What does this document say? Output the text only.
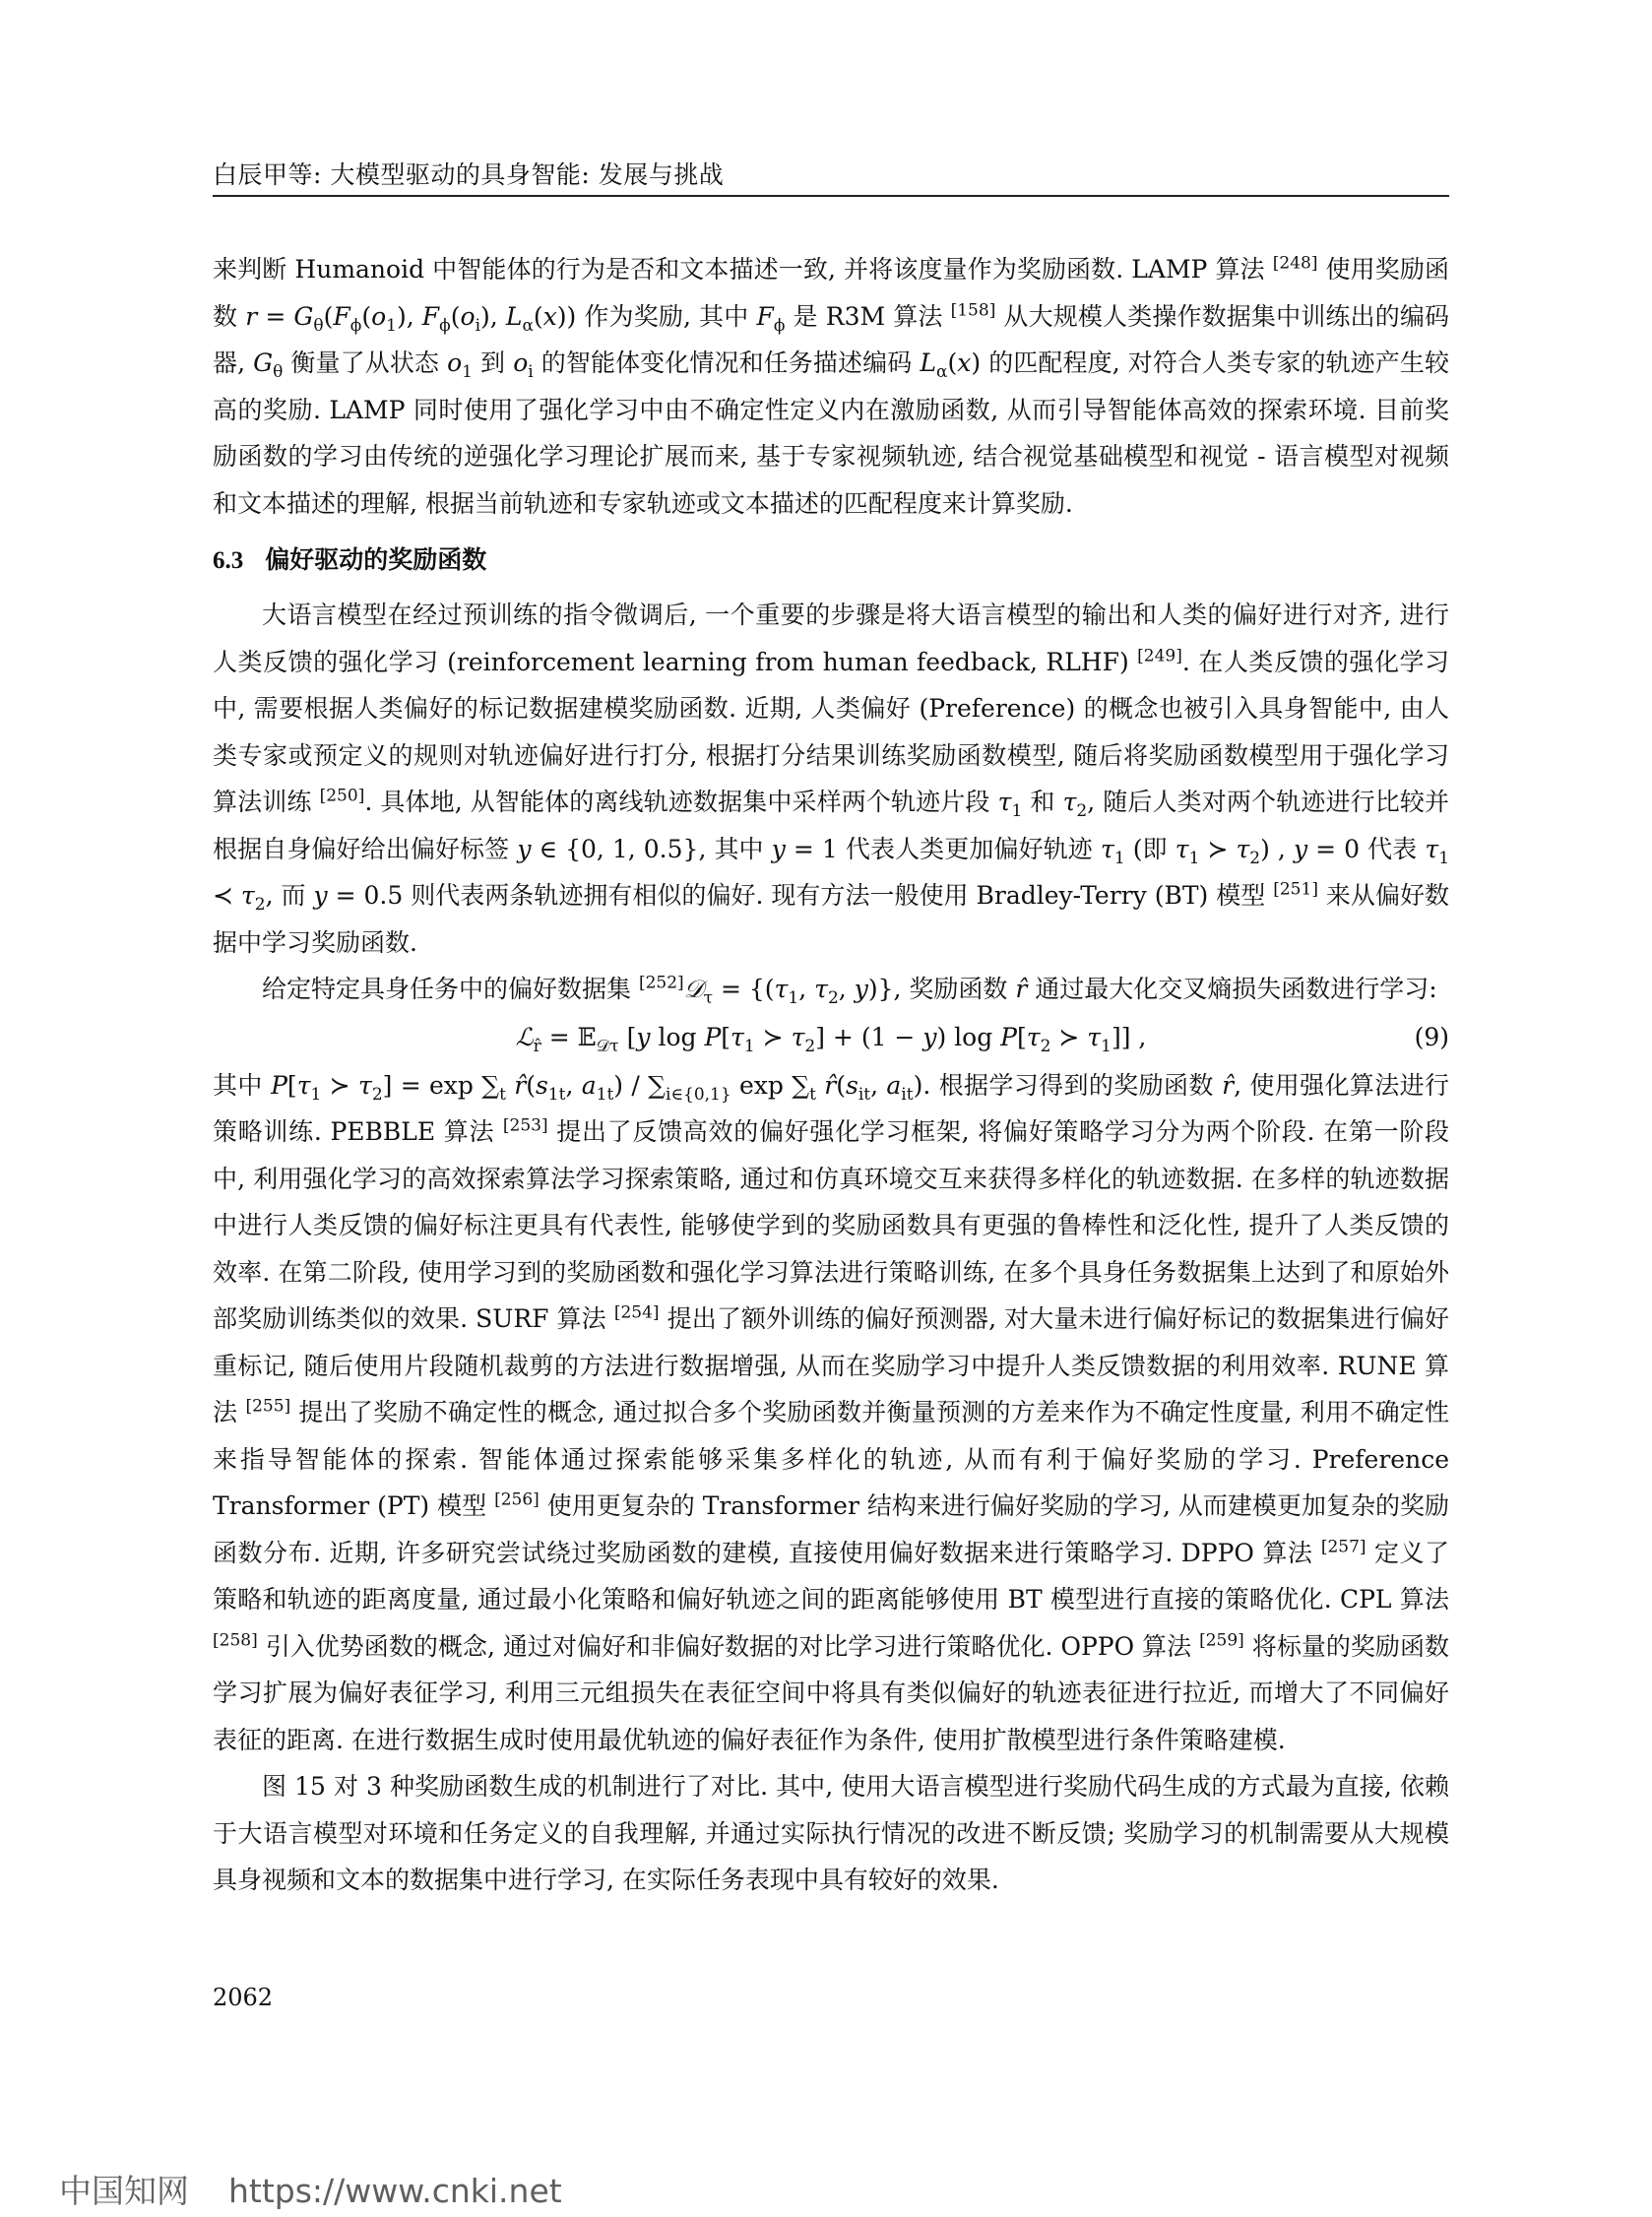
白辰甲等: 大模型驱动的具身智能: 发展与挑战

来判断 Humanoid 中智能体的行为是否和文本描述一致, 并将该度量作为奖励函数. LAMP 算法 [248] 使用奖励函数 $r = G_\theta(F_\phi(o_1)$, $F_\phi(o_i)$, $L_\alpha(x)$) 作为奖励, 其中 $F_\phi$ 是 R3M 算法 [158] 从大规模人类操作数据集中训练出的编码器, $G_\theta$ 衡量了从状态 $o_1$ 到 $o_i$ 的智能体变化情况和任务描述编码 $L_\alpha(x)$ 的匹配程度, 对符合人类专家的轨迹产生较高的奖励. LAMP 同时使用了强化学习中由不确定性定义内在激励函数, 从而引导智能体高效的探索环境. 目前奖励函数的学习由传统的逆强化学习理论扩展而来, 基于专家视频轨迹, 结合视觉基础模型和视觉 - 语言模型对视频和文本描述的理解, 根据当前轨迹和专家轨迹或文本描述的匹配程度来计算奖励.

6.3 偏好驱动的奖励函数

大语言模型在经过预训练的指令微调后, 一个重要的步骤是将大语言模型的输出和人类的偏好进行对齐, 进行人类反馈的强化学习 (reinforcement learning from human feedback, RLHF) [249]. 在人类反馈的强化学习中, 需要根据人类偏好的标记数据建模奖励函数. 近期, 人类偏好 (Preference) 的概念也被引入具身智能中, 由人类专家或预定义的规则对轨迹偏好进行打分, 根据打分结果训练奖励函数模型, 随后将奖励函数模型用于强化学习算法训练 [250]. 具体地, 从智能体的离线轨迹数据集中采样两个轨迹片段 $\tau_1$ 和 $\tau_2$, 随后人类对两个轨迹进行比较并根据自身偏好给出偏好标签 y ∈ {0, 1, 0.5}, 其中 y = 1 代表人类更加偏好轨迹 $\tau_1$ (即 $\tau_1$ ≻ $\tau_2$) , y = 0 代表 $\tau_1$ ≺ $\tau_2$, 而 y = 0.5 则代表两条轨迹拥有相似的偏好. 现有方法一般使用 Bradley-Terry (BT) 模型 [251] 来从偏好数据中学习奖励函数.

给定特定具身任务中的偏好数据集 [252]𝒟$_\tau$ = {($\tau_1$, $\tau_2$, y)}, 奖励函数 r̂ 通过最大化交叉熵损失函数进行学习:

ℒ$_{r̂}$ = 𝔼$_{𝒟\tau}$ [y $\log P[\tau_1$ ≻ $\tau_2] + (1 - y)$ $\log P[\tau_2$ ≻ $\tau_1$]] ,	(9)

其中 $P[\tau_1$ ≻ $\tau_2] = \exp \sum_t$ $r̂(s_{1t}$, $a_{1t}) / \sum_{i\in\{0,1\}}$ $\exp \sum_t$ $r̂(s_{it}$, $a_{it}$). 根据学习得到的奖励函数 r̂, 使用强化算法进行策略训练. PEBBLE 算法 [253] 提出了反馈高效的偏好强化学习框架, 将偏好策略学习分为两个阶段. 在第一阶段中, 利用强化学习的高效探索算法学习探索策略, 通过和仿真环境交互来获得多样化的轨迹数据. 在多样的轨迹数据中进行人类反馈的偏好标注更具有代表性, 能够使学到的奖励函数具有更强的鲁棒性和泛化性, 提升了人类反馈的效率. 在第二阶段, 使用学习到的奖励函数和强化学习算法进行策略训练, 在多个具身任务数据集上达到了和原始外部奖励训练类似的效果. SURF 算法 [254] 提出了额外训练的偏好预测器, 对大量未进行偏好标记的数据集进行偏好重标记, 随后使用片段随机裁剪的方法进行数据增强, 从而在奖励学习中提升人类反馈数据的利用效率. RUNE 算法 [255] 提出了奖励不确定性的概念, 通过拟合多个奖励函数并衡量预测的方差来作为不确定性度量, 利用不确定性来指导智能体的探索. 智能体通过探索能够采集多样化的轨迹, 从而有利于偏好奖励的学习. Preference Transformer (PT) 模型 [256] 使用更复杂的 Transformer 结构来进行偏好奖励的学习, 从而建模更加复杂的奖励函数分布. 近期, 许多研究尝试绕过奖励函数的建模, 直接使用偏好数据来进行策略学习. DPPO 算法 [257] 定义了策略和轨迹的距离度量, 通过最小化策略和偏好轨迹之间的距离能够使用 BT 模型进行直接的策略优化. CPL 算法 [258] 引入优势函数的概念, 通过对偏好和非偏好数据的对比学习进行策略优化. OPPO 算法 [259] 将标量的奖励函数学习扩展为偏好表征学习, 利用三元组损失在表征空间中将具有类似偏好的轨迹表征进行拉近, 而增大了不同偏好表征的距离. 在进行数据生成时使用最优轨迹的偏好表征作为条件, 使用扩散模型进行条件策略建模.

图 15 对 3 种奖励函数生成的机制进行了对比. 其中, 使用大语言模型进行奖励代码生成的方式最为直接, 依赖于大语言模型对环境和任务定义的自我理解, 并通过实际执行情况的改进不断反馈; 奖励学习的机制需要从大规模具身视频和文本的数据集中进行学习, 在实际任务表现中具有较好的效果.

2062
中国知网 https://www.cnki.net
